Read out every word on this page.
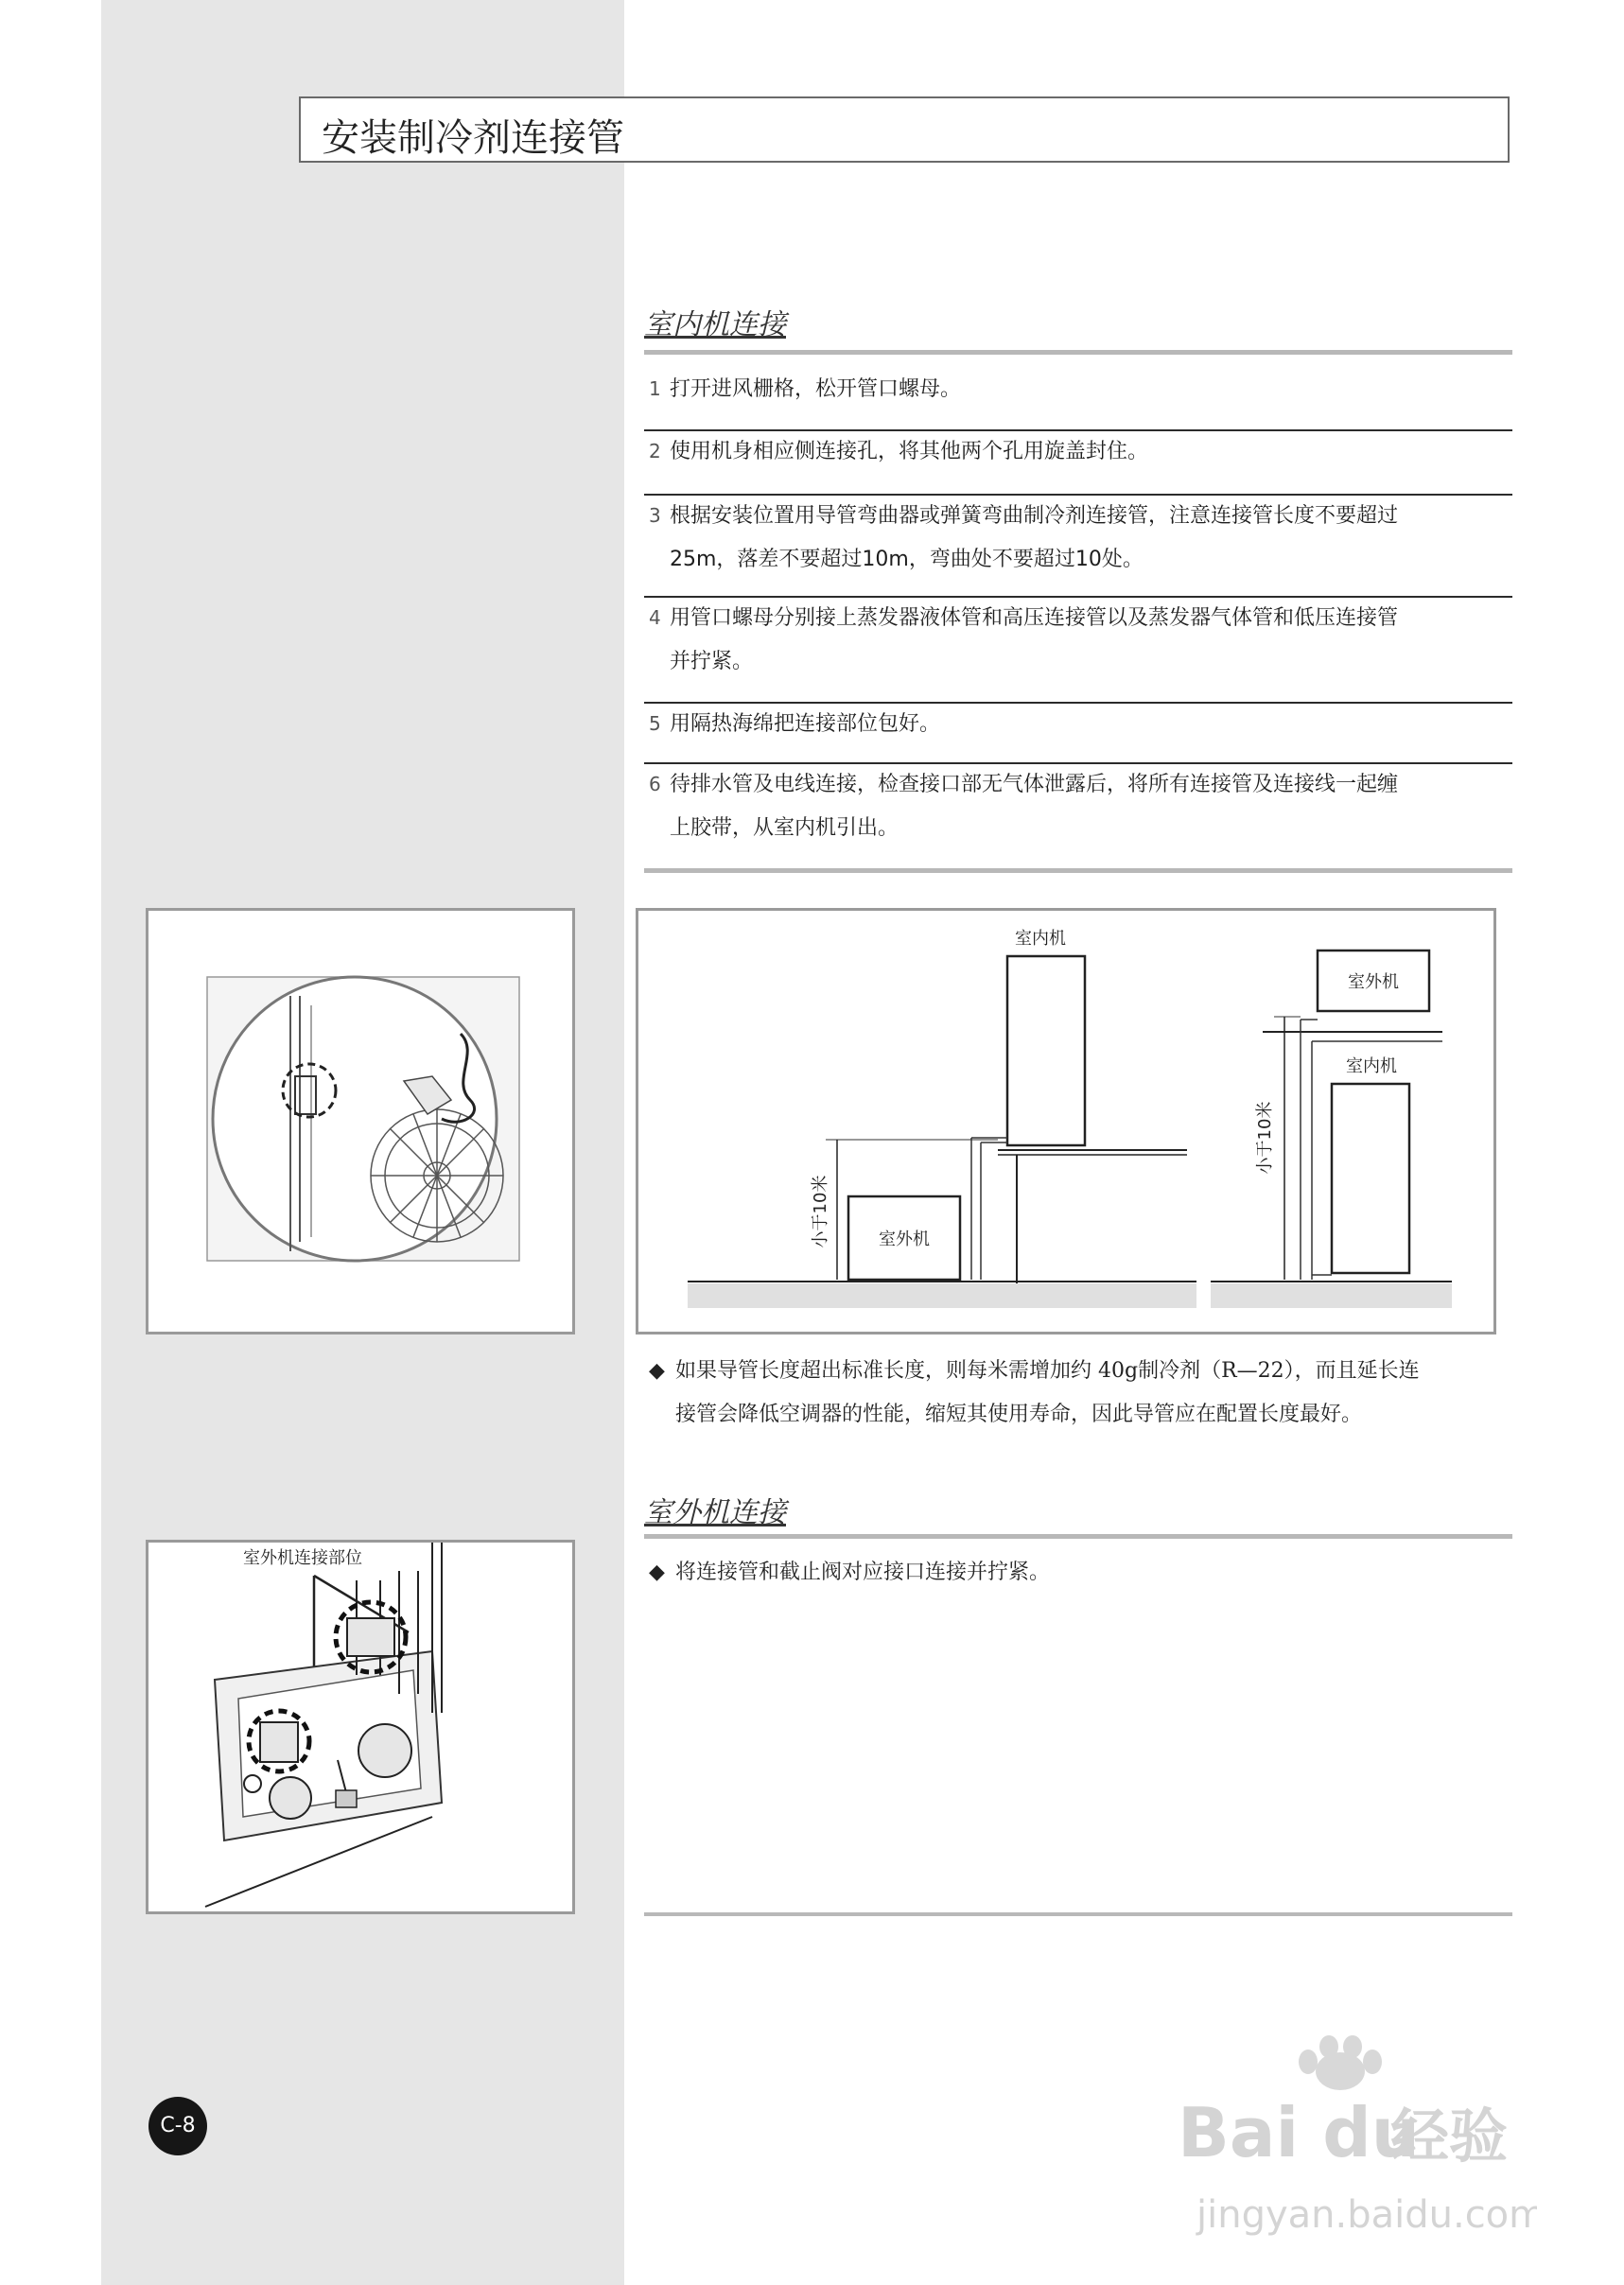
安装制冷剂连接管
室内机连接
1 打开进风栅格，松开管口螺母。
2 使用机身相应侧连接孔，将其他两个孔用旋盖封住。
3 根据安装位置用导管弯曲器或弹簧弯曲制冷剂连接管，注意连接管长度不要超过
25m，落差不要超过10m，弯曲处不要超过10处。
4 用管口螺母分别接上蒸发器液体管和高压连接管以及蒸发器气体管和低压连接管
并拧紧。
5 用隔热海绵把连接部位包好。
6 待排水管及电线连接，检查接口部无气体泄露后，将所有连接管及连接线一起缠
上胶带，从室内机引出。
室内机
室外机
小于10米
室外机
室内机
小于10米
◆ 如果导管长度超出标准长度，则每米需增加约 40g制冷剂（R—22），而且延长连
接管会降低空调器的性能，缩短其使用寿命，因此导管应在配置长度最好。
室外机连接
◆ 将连接管和截止阀对应接口连接并拧紧。
室外机连接部位
C-8	Bai du
经验
jingyan.baidu.com
